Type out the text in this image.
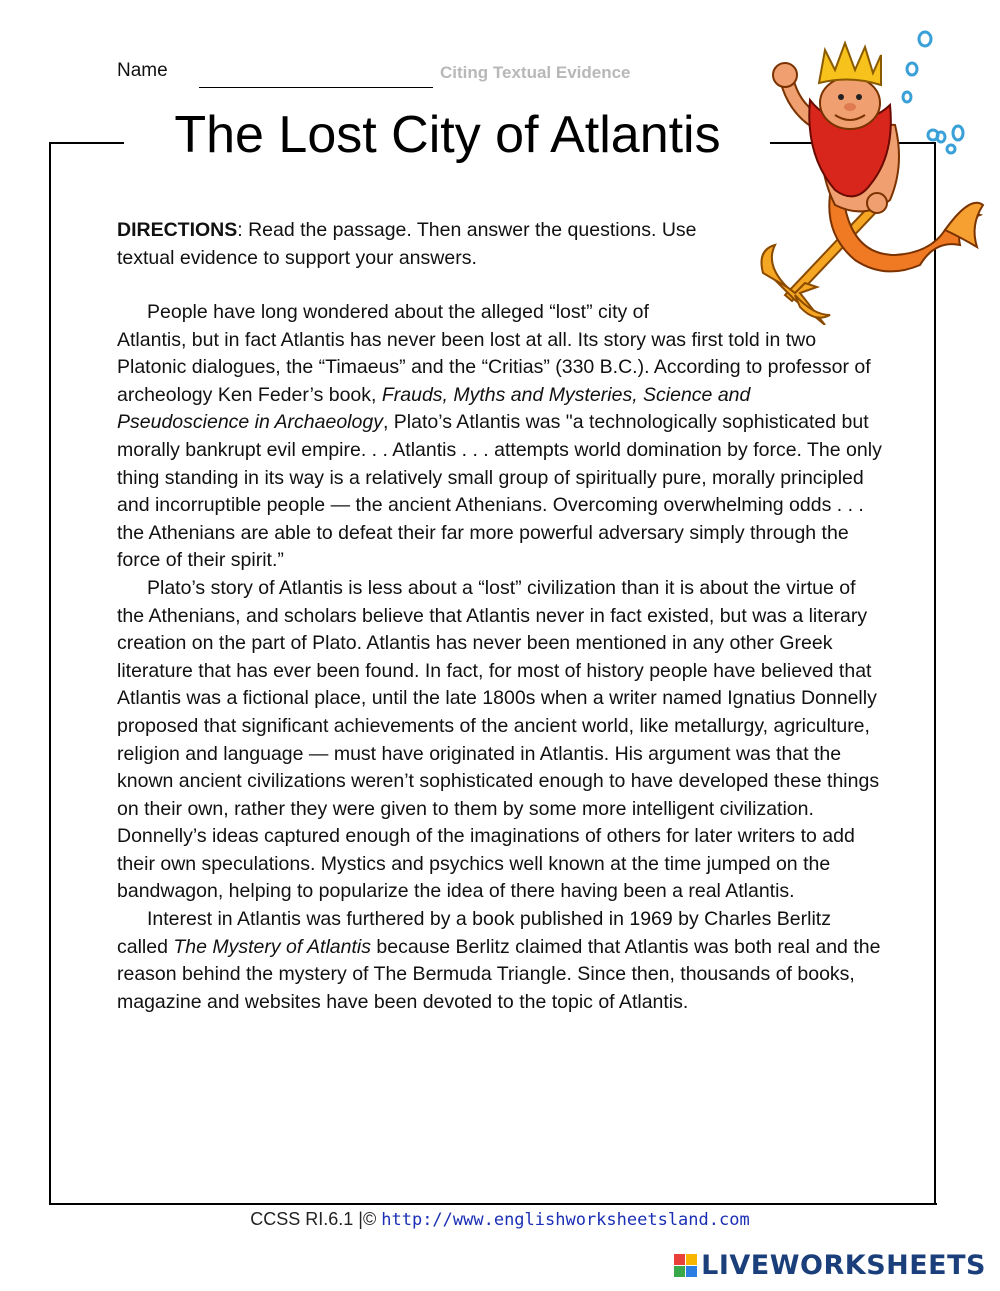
Name	Citing Textual Evidence
The Lost City of Atlantis
DIRECTIONS: Read the passage. Then answer the questions. Use textual evidence to support your answers.

People have long wondered about the alleged “lost” city of
Atlantis, but in fact Atlantis has never been lost at all. Its story was first told in two Platonic dialogues, the “Timaeus” and the “Critias” (330 B.C.). According to professor of archeology Ken Feder’s book, Frauds, Myths and Mysteries, Science and Pseudoscience in Archaeology, Plato’s Atlantis was "a technologically sophisticated but morally bankrupt evil empire. . . Atlantis . . . attempts world domination by force. The only thing standing in its way is a relatively small group of spiritually pure, morally principled and incorruptible people — the ancient Athenians. Overcoming overwhelming odds . . . the Athenians are able to defeat their far more powerful adversary simply through the force of their spirit.”

Plato’s story of Atlantis is less about a “lost” civilization than it is about the virtue of the Athenians, and scholars believe that Atlantis never in fact existed, but was a literary creation on the part of Plato. Atlantis has never been mentioned in any other Greek literature that has ever been found. In fact, for most of history people have believed that Atlantis was a fictional place, until the late 1800s when a writer named Ignatius Donnelly proposed that significant achievements of the ancient world, like metallurgy, agriculture, religion and language — must have originated in Atlantis. His argument was that the known ancient civilizations weren’t sophisticated enough to have developed these things on their own, rather they were given to them by some more intelligent civilization. Donnelly’s ideas captured enough of the imaginations of others for later writers to add their own speculations. Mystics and psychics well known at the time jumped on the bandwagon, helping to popularize the idea of there having been a real Atlantis.

Interest in Atlantis was furthered by a book published in 1969 by Charles Berlitz called The Mystery of Atlantis because Berlitz claimed that Atlantis was both real and the reason behind the mystery of The Bermuda Triangle. Since then, thousands of books, magazine and websites have been devoted to the topic of Atlantis.

CCSS RI.6.1 |© http://www.englishworksheetsland.com
LIVEWORKSHEETS
